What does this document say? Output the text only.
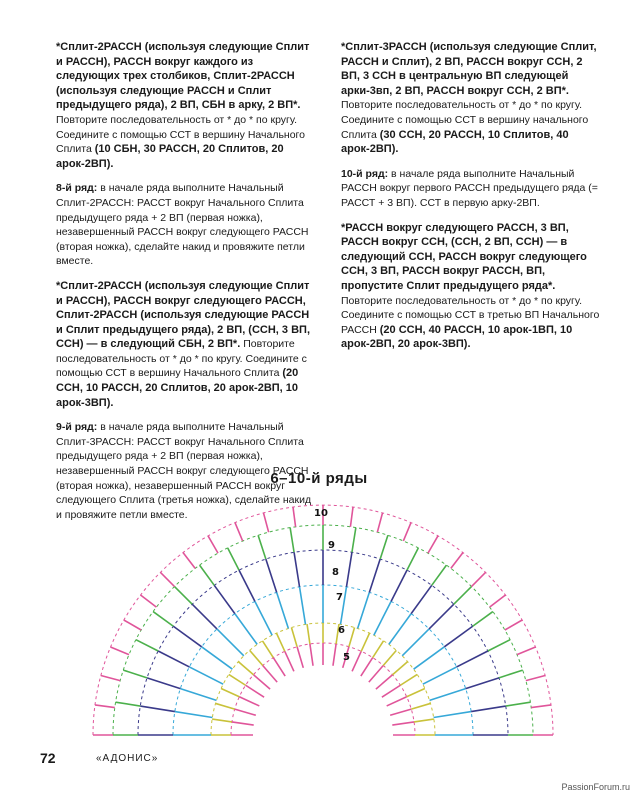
*Сплит-2РАССН (используя следующие Сплит и РАССН), РАССН вокруг каждого из следующих трех столбиков, Сплит-2РАССН (используя следующие РАССН и Сплит предыдущего ряда), 2 ВП, СБН в арку, 2 ВП*. Повторите последовательность от * до * по кругу. Соедините с помощью ССТ в вершину Начального Сплита (10 СБН, 30 РАССН, 20 Сплитов, 20 арок-2ВП).

8-й ряд: в начале ряда выполните Начальный Сплит-2РАССН: РАССТ вокруг Начального Сплита предыдущего ряда + 2 ВП (первая ножка), незавершенный РАССН вокруг следующего РАССН (вторая ножка), сделайте накид и провяжите петли вместе.

*Сплит-2РАССН (используя следующие Сплит и РАССН), РАССН вокруг следующего РАССН, Сплит-2РАССН (используя следующие РАССН и Сплит предыдущего ряда), 2 ВП, (ССН, 3 ВП, ССН) — в следующий СБН, 2 ВП*. Повторите последовательность от * до * по кругу. Соедините с помощью ССТ в вершину Начального Сплита (20 ССН, 10 РАССН, 20 Сплитов, 20 арок-2ВП, 10 арок-3ВП).

9-й ряд: в начале ряда выполните Начальный Сплит-3РАССН: РАССТ вокруг Начального Сплита предыдущего ряда + 2 ВП (первая ножка), незавершенный РАССН вокруг следующего РАССН (вторая ножка), незавершенный РАССН вокруг следующего Сплита (третья ножка), сделайте накид и провяжите петли вместе.

*Сплит-3РАССН (используя следующие Сплит, РАССН и Сплит), 2 ВП, РАССН вокруг ССН, 2 ВП, 3 ССН в центральную ВП следующей арки-3вп, 2 ВП, РАССН вокруг ССН, 2 ВП*. Повторите последовательность от * до * по кругу. Соедините с помощью ССТ в вершину начального Сплита (30 ССН, 20 РАССН, 10 Сплитов, 40 арок-2ВП).

10-й ряд: в начале ряда выполните Начальный РАССН вокруг первого РАССН предыдущего ряда (= РАССТ + 3 ВП). ССТ в первую арку-2ВП.

*РАССН вокруг следующего РАССН, 3 ВП, РАССН вокруг ССН, (ССН, 2 ВП, ССН) — в следующий ССН, РАССН вокруг следующего ССН, 3 ВП, РАССН вокруг РАССН, ВП, пропустите Сплит предыдущего ряда*. Повторите последовательность от * до * по кругу. Соедините с помощью ССТ в третью ВП Начального РАССН (20 ССН, 40 РАССН, 10 арок-1ВП, 10 арок-2ВП, 20 арок-3ВП).

6–10-й ряды
10
9
8
7
6
5
72	«АДОНИС»
PassionForum.ru
